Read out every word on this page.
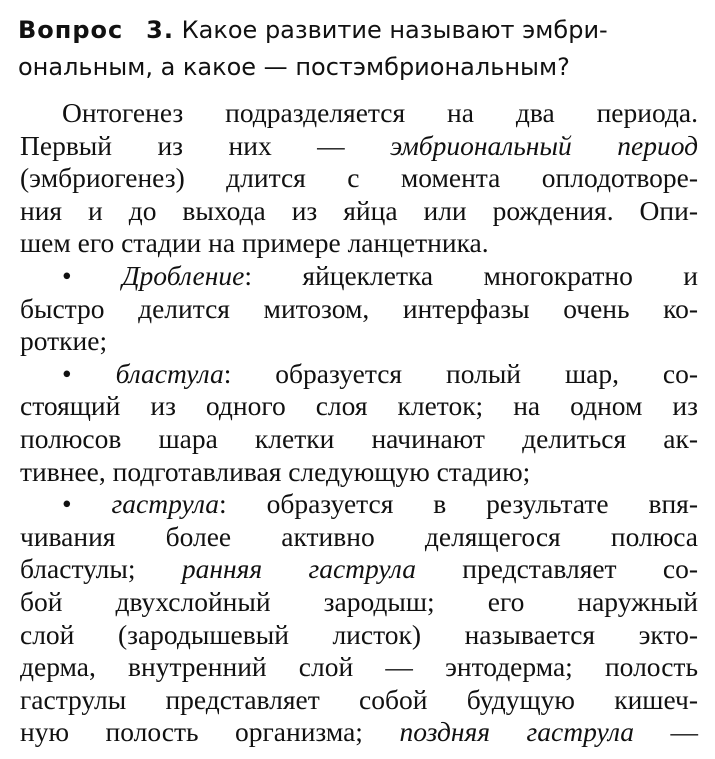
Вопрос 3. Какое развитие называют эмбри-
ональным, а какое — постэмбриональным?
Онтогенез подразделяется на два периода.
Первый из них — эмбриональный период
(эмбриогенез) длится с момента оплодотворе-
ния и до выхода из яйца или рождения. Опи-
шем его стадии на примере ланцетника.
• Дробление: яйцеклетка многократно и
быстро делится митозом, интерфазы очень ко-
роткие;
• бластула: образуется полый шар, со-
стоящий из одного слоя клеток; на одном из
полюсов шара клетки начинают делиться ак-
тивнее, подготавливая следующую стадию;
• гаструла: образуется в результате впя-
чивания более активно делящегося полюса
бластулы; ранняя гаструла представляет со-
бой двухслойный зародыш; его наружный
слой (зародышевый листок) называется экто-
дерма, внутренний слой — энтодерма; полость
гаструлы представляет собой будущую кишеч-
ную полость организма; поздняя гаструла —
